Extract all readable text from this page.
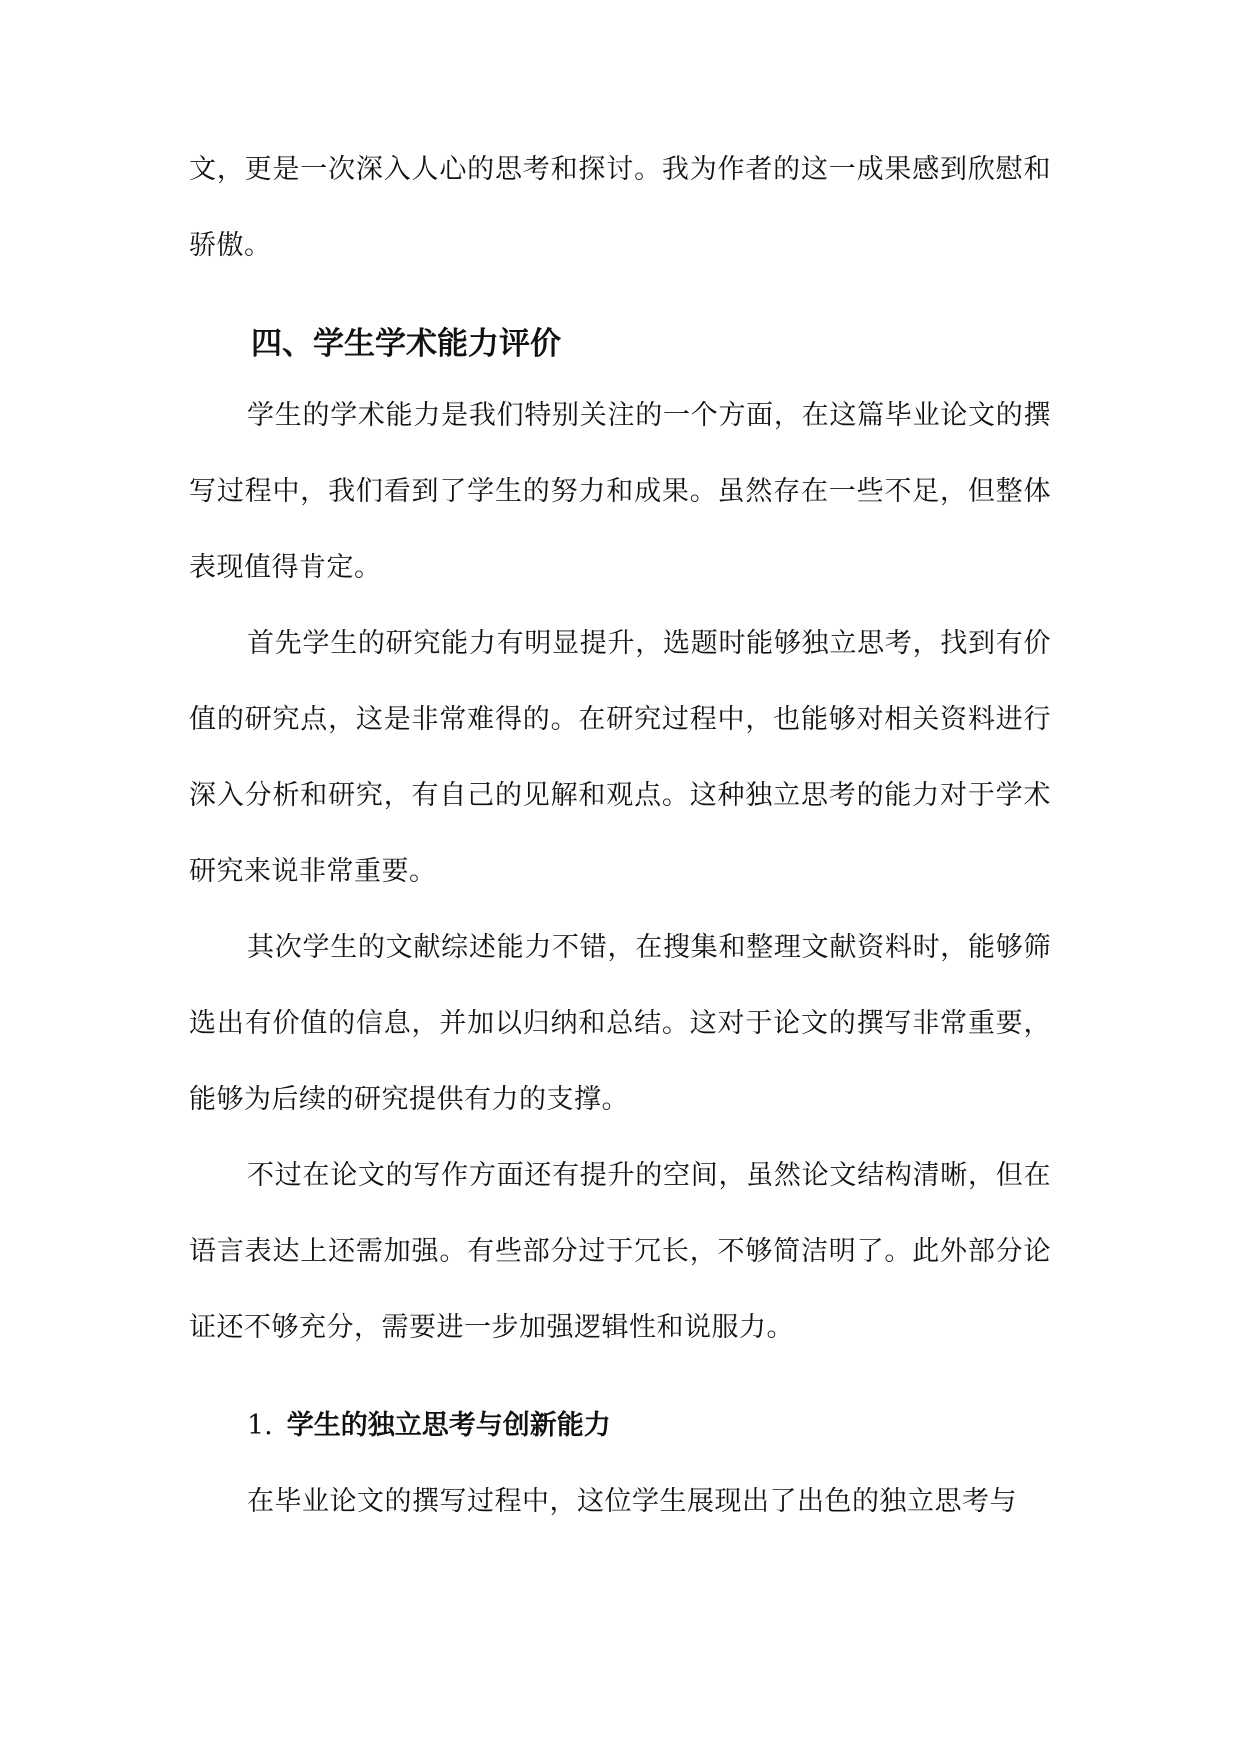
文，更是一次深入人心的思考和探讨。我为作者的这一成果感到欣慰和骄傲。

四、学生学术能力评价

学生的学术能力是我们特别关注的一个方面，在这篇毕业论文的撰写过程中，我们看到了学生的努力和成果。虽然存在一些不足，但整体表现值得肯定。

首先学生的研究能力有明显提升，选题时能够独立思考，找到有价值的研究点，这是非常难得的。在研究过程中，也能够对相关资料进行深入分析和研究，有自己的见解和观点。这种独立思考的能力对于学术研究来说非常重要。

其次学生的文献综述能力不错，在搜集和整理文献资料时，能够筛选出有价值的信息，并加以归纳和总结。这对于论文的撰写非常重要，能够为后续的研究提供有力的支撑。

不过在论文的写作方面还有提升的空间，虽然论文结构清晰，但在语言表达上还需加强。有些部分过于冗长，不够简洁明了。此外部分论证还不够充分，需要进一步加强逻辑性和说服力。

1. 学生的独立思考与创新能力

在毕业论文的撰写过程中，这位学生展现出了出色的独立思考与
